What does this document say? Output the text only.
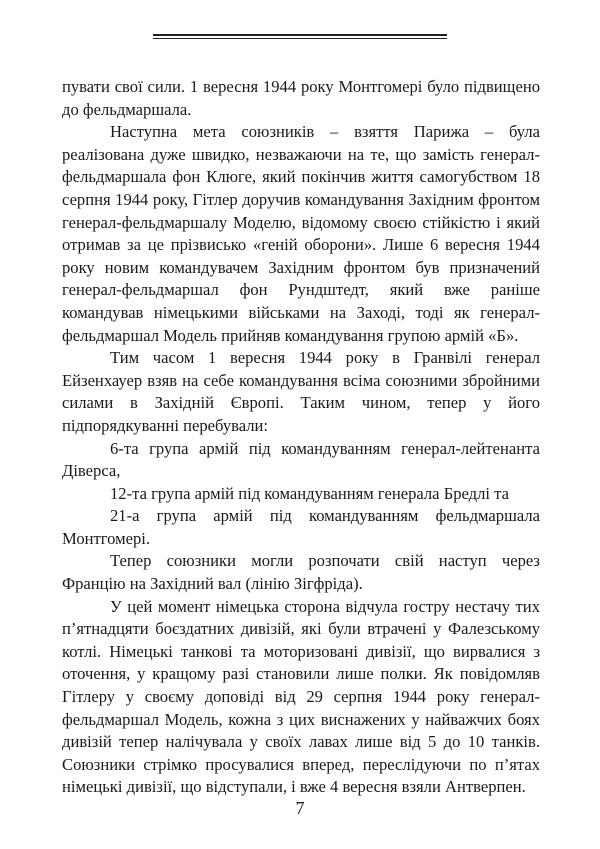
пувати свої сили. 1 вересня 1944 року Монтгомері було підвищено до фельдмаршала.

Наступна мета союзників – взяття Парижа – була реалізована дуже швидко, незважаючи на те, що замість генерал-фельдмаршала фон Клюге, який покінчив життя самогубством 18 серпня 1944 року, Гітлер доручив командування Західним фронтом генерал-фельдмаршалу Моделю, відомому своєю стійкістю і який отримав за це прізвисько «геній оборони». Лише 6 вересня 1944 року новим командувачем Західним фронтом був призначений генерал-фельдмаршал фон Рундштедт, який вже раніше командував німецькими військами на Заході, тоді як генерал-фельдмаршал Модель прийняв командування групою армій «Б».

Тим часом 1 вересня 1944 року в Гранвілі генерал Ейзенхауер взяв на себе командування всіма союзними збройними силами в Західній Європі. Таким чином, тепер у його підпорядкуванні перебували:

6-та група армій під командуванням генерал-лейтенанта Діверса,

12-та група армій під командуванням генерала Бредлі та

21-а група армій під командуванням фельдмаршала Монтгомері.

Тепер союзники могли розпочати свій наступ через Францію на Західний вал (лінію Зігфріда).

У цей момент німецька сторона відчула гостру нестачу тих п’ятнадцяти боєздатних дивізій, які були втрачені у Фалезському котлі. Німецькі танкові та моторизовані дивізії, що вирвалися з оточення, у кращому разі становили лише полки. Як повідомляв Гітлеру у своєму доповіді від 29 серпня 1944 року генерал-фельдмаршал Модель, кожна з цих виснажених у найважчих боях дивізій тепер налічувала у своїх лавах лише від 5 до 10 танків. Союзники стрімко просувалися вперед, переслідуючи по п’ятах німецькі дивізії, що відступали, і вже 4 вересня взяли Антверпен.

7
